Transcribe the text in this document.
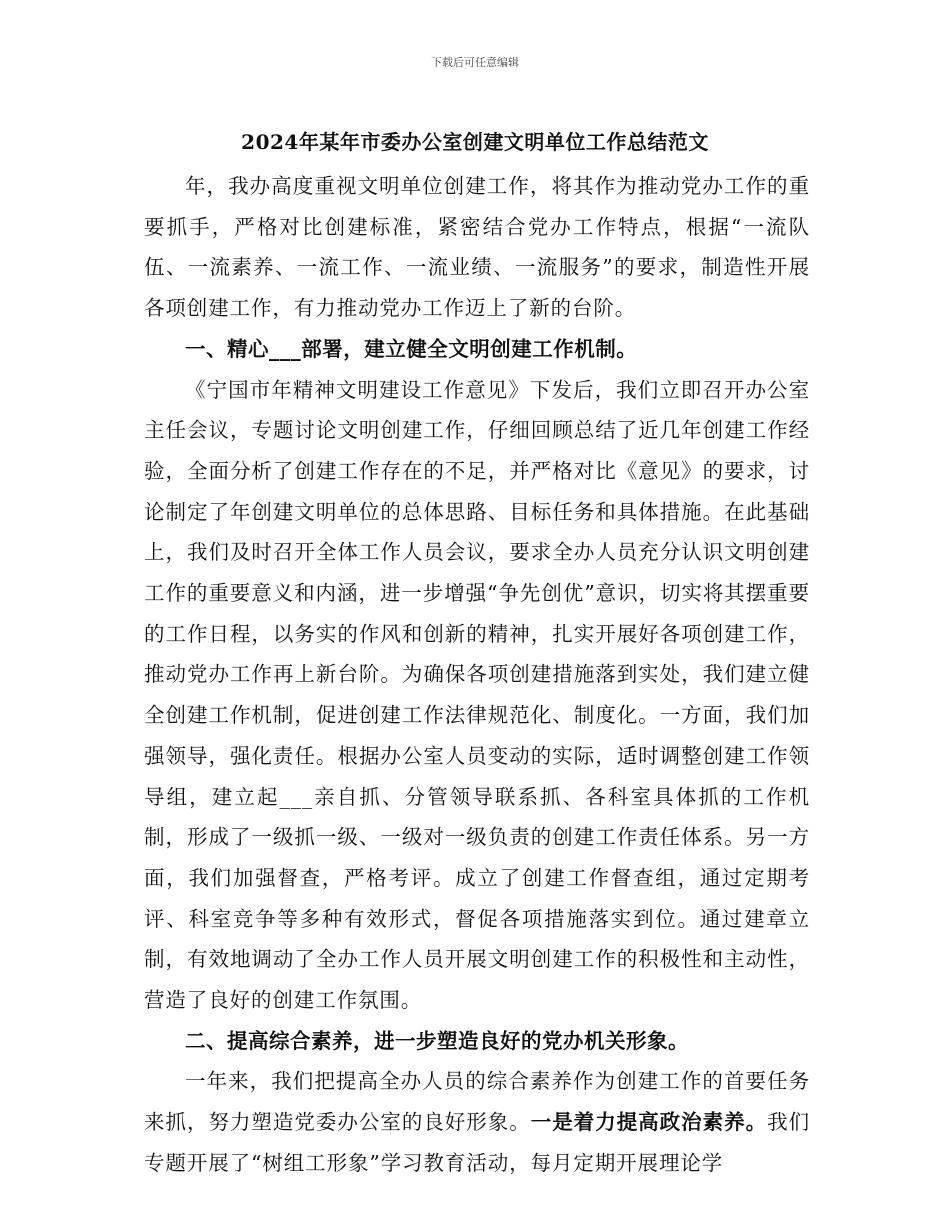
下载后可任意编辑
2024年某年市委办公室创建文明单位工作总结范文

年，我办高度重视文明单位创建工作，将其作为推动党办工作的重要抓手，严格对比创建标准，紧密结合党办工作特点，根据“一流队伍、一流素养、一流工作、一流业绩、一流服务”的要求，制造性开展各项创建工作，有力推动党办工作迈上了新的台阶。

一、精心___部署，建立健全文明创建工作机制。

《宁国市年精神文明建设工作意见》下发后，我们立即召开办公室主任会议，专题讨论文明创建工作，仔细回顾总结了近几年创建工作经验，全面分析了创建工作存在的不足，并严格对比《意见》的要求，讨论制定了年创建文明单位的总体思路、目标任务和具体措施。在此基础上，我们及时召开全体工作人员会议，要求全办人员充分认识文明创建工作的重要意义和内涵，进一步增强“争先创优”意识，切实将其摆重要的工作日程，以务实的作风和创新的精神，扎实开展好各项创建工作，推动党办工作再上新台阶。为确保各项创建措施落到实处，我们建立健全创建工作机制，促进创建工作法律规范化、制度化。一方面，我们加强领导，强化责任。根据办公室人员变动的实际，适时调整创建工作领导组，建立起___亲自抓、分管领导联系抓、各科室具体抓的工作机制，形成了一级抓一级、一级对一级负责的创建工作责任体系。另一方面，我们加强督查，严格考评。成立了创建工作督查组，通过定期考评、科室竞争等多种有效形式，督促各项措施落实到位。通过建章立制，有效地调动了全办工作人员开展文明创建工作的积极性和主动性，营造了良好的创建工作氛围。

二、提高综合素养，进一步塑造良好的党办机关形象。

一年来，我们把提高全办人员的综合素养作为创建工作的首要任务来抓，努力塑造党委办公室的良好形象。一是着力提高政治素养。我们专题开展了“树组工形象”学习教育活动，每月定期开展理论学
